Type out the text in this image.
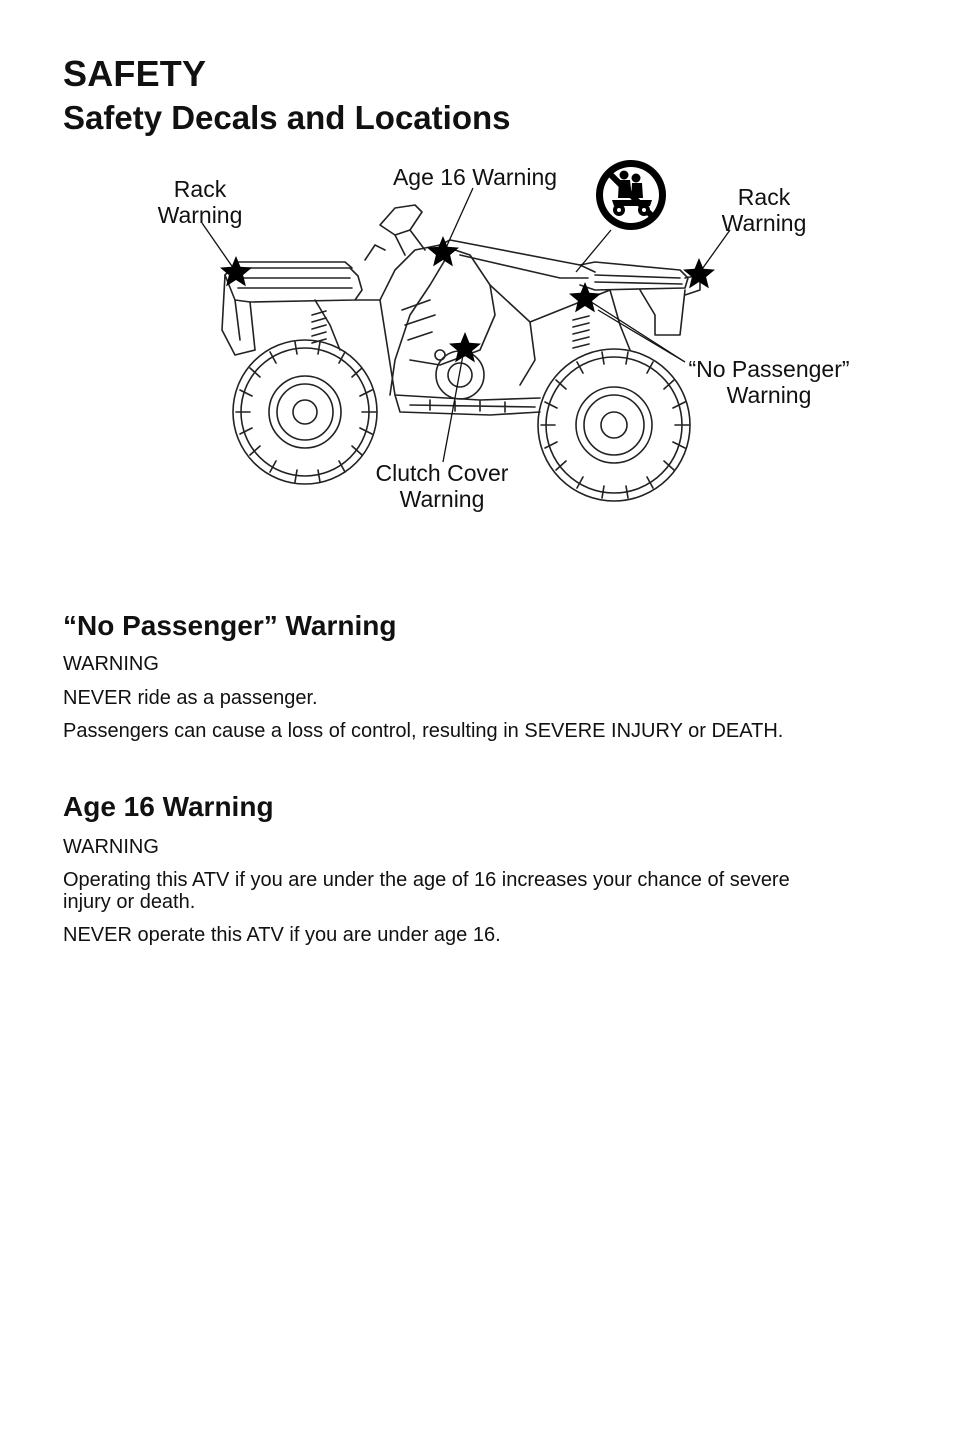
SAFETY
Safety Decals and Locations
Rack
Warning
Age 16 Warning
Rack
Warning
“No Passenger”
Warning
Clutch Cover
Warning
“No Passenger” Warning

WARNING

NEVER ride as a passenger.

Passengers can cause a loss of control, resulting in SEVERE INJURY or DEATH.

Age 16 Warning

WARNING

Operating this ATV if you are under the age of 16 increases your chance of severe injury or death.

NEVER operate this ATV if you are under age 16.
